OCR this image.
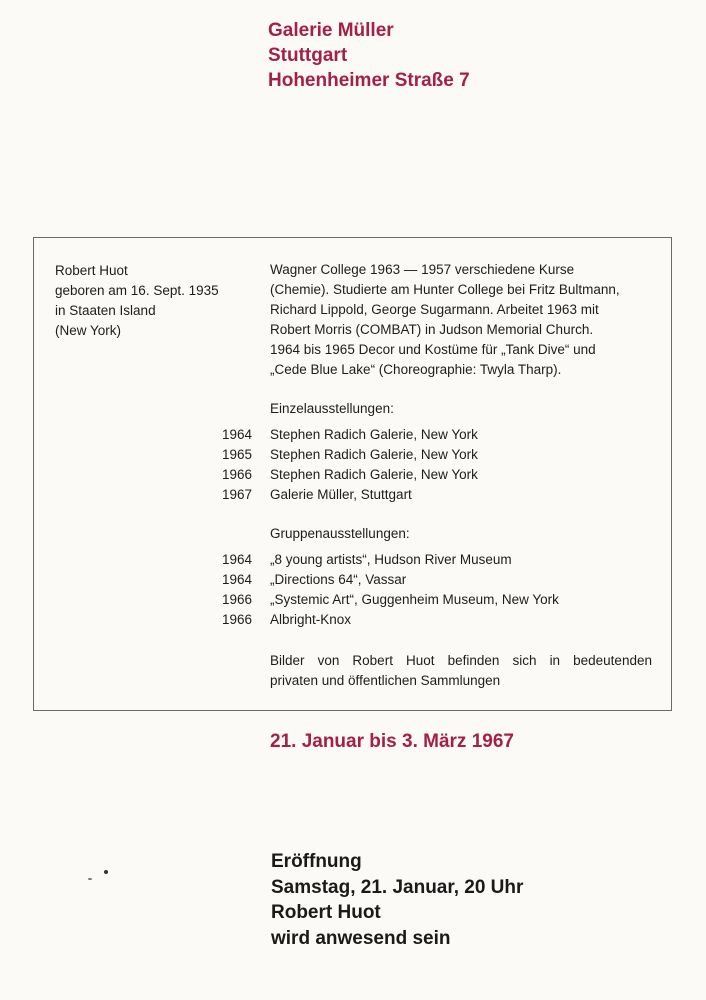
Galerie Müller
Stuttgart
Hohenheimer Straße 7
Robert Huot
geboren am 16. Sept. 1935
in Staaten Island
(New York)
Wagner College 1963 — 1957 verschiedene Kurse
(Chemie). Studierte am Hunter College bei Fritz Bultmann,
Richard Lippold, George Sugarmann. Arbeitet 1963 mit
Robert Morris (COMBAT) in Judson Memorial Church.
1964 bis 1965 Decor und Kostüme für „Tank Dive“ und
„Cede Blue Lake“ (Choreographie: Twyla Tharp).
Einzelausstellungen:
1964	Stephen Radich Galerie, New York
1965	Stephen Radich Galerie, New York
1966	Stephen Radich Galerie, New York
1967	Galerie Müller, Stuttgart
Gruppenausstellungen:
1964	„8 young artists“, Hudson River Museum
1964	„Directions 64“, Vassar
1966	„Systemic Art“, Guggenheim Museum, New York
1966	Albright-Knox
Bilder von Robert Huot befinden sich in bedeutenden
privaten und öffentlichen Sammlungen
21. Januar bis 3. März 1967
Eröffnung
Samstag, 21. Januar, 20 Uhr
Robert Huot
wird anwesend sein
